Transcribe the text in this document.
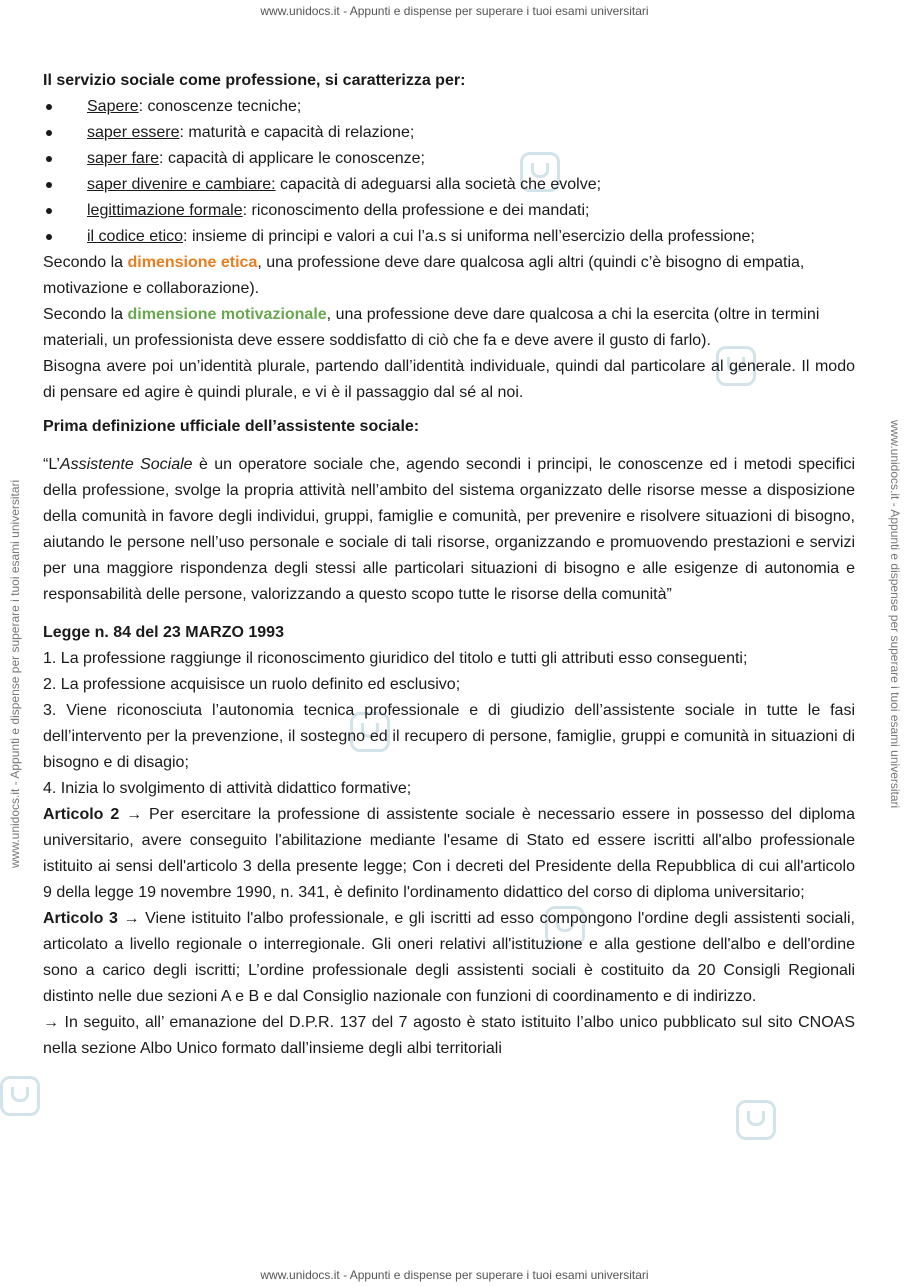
www.unidocs.it - Appunti e dispense per superare i tuoi esami universitari
www.unidocs.it - Appunti e dispense per superare i tuoi esami universitari
www.unidocs.it - Appunti e dispense per superare i tuoi esami universitari	www.unidocs.it - Appunti e dispense per superare i tuoi esami universitari

Il servizio sociale come professione, si caratterizza per:

Sapere: conoscenze tecniche;
saper essere: maturità e capacità di relazione;
saper fare: capacità di applicare le conoscenze;
saper divenire e cambiare: capacità di adeguarsi alla società che evolve;
legittimazione formale: riconoscimento della professione e dei mandati;
il codice etico: insieme di principi e valori a cui l’a.s si uniforma nell’esercizio della professione;

Secondo la dimensione etica, una professione deve dare qualcosa agli altri (quindi c’è bisogno di empatia, motivazione e collaborazione).

Secondo la dimensione motivazionale, una professione deve dare qualcosa a chi la esercita (oltre in termini materiali, un professionista deve essere soddisfatto di ciò che fa e deve avere il gusto di farlo).

Bisogna avere poi un’identità plurale, partendo dall’identità individuale, quindi dal particolare al generale. Il modo di pensare ed agire è quindi plurale, e vi è il passaggio dal sé al noi.

Prima definizione ufficiale dell’assistente sociale:

“L’Assistente Sociale è un operatore sociale che, agendo secondi i principi, le conoscenze ed i metodi specifici della professione, svolge la propria attività nell’ambito del sistema organizzato delle risorse messe a disposizione della comunità in favore degli individui, gruppi, famiglie e comunità, per prevenire e risolvere situazioni di bisogno, aiutando le persone nell’uso personale e sociale di tali risorse, organizzando e promuovendo prestazioni e servizi per una maggiore rispondenza degli stessi alle particolari situazioni di bisogno e alle esigenze di autonomia e responsabilità delle persone, valorizzando a questo scopo tutte le risorse della comunità”

Legge n. 84 del 23 MARZO 1993

1. La professione raggiunge il riconoscimento giuridico del titolo e tutti gli attributi esso conseguenti;

2. La professione acquisisce un ruolo definito ed esclusivo;

3. Viene riconosciuta l’autonomia tecnica professionale e di giudizio dell’assistente sociale in tutte le fasi dell’intervento per la prevenzione, il sostegno ed il recupero di persone, famiglie, gruppi e comunità in situazioni di bisogno e di disagio;

4. Inizia lo svolgimento di attività didattico formative;

Articolo 2 → Per esercitare la professione di assistente sociale è necessario essere in possesso del diploma universitario, avere conseguito l'abilitazione mediante l'esame di Stato ed essere iscritti all'albo professionale istituito ai sensi dell'articolo 3 della presente legge; Con i decreti del Presidente della Repubblica di cui all'articolo 9 della legge 19 novembre 1990, n. 341, è definito l'ordinamento didattico del corso di diploma universitario;

Articolo 3 → Viene istituito l'albo professionale, e gli iscritti ad esso compongono l'ordine degli assistenti sociali, articolato a livello regionale o interregionale. Gli oneri relativi all'istituzione e alla gestione dell'albo e dell'ordine sono a carico degli iscritti; L’ordine professionale degli assistenti sociali è costituito da 20 Consigli Regionali distinto nelle due sezioni A e B e dal Consiglio nazionale con funzioni di coordinamento e di indirizzo.

→ In seguito, all’ emanazione del D.P.R. 137 del 7 agosto è stato istituito l’albo unico pubblicato sul sito CNOAS nella sezione Albo Unico formato dall’insieme degli albi territoriali
